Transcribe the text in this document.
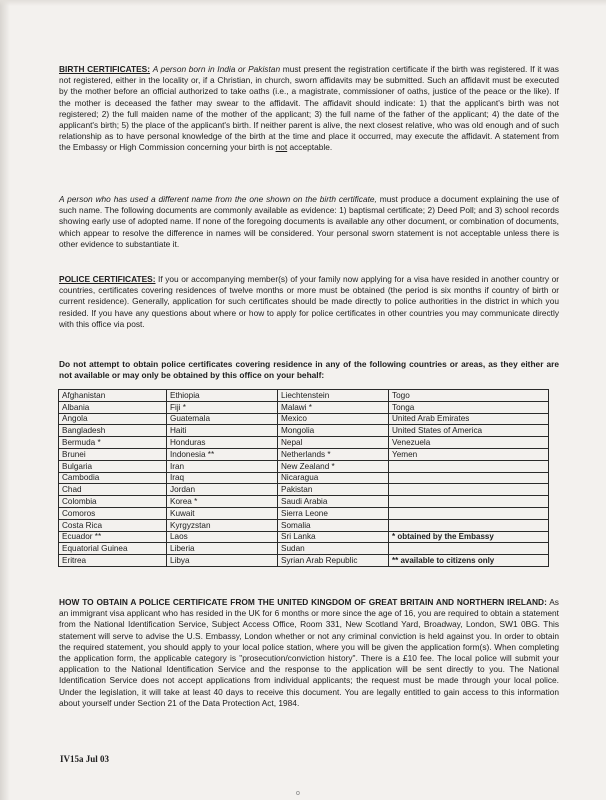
BIRTH CERTIFICATES: A person born in India or Pakistan must present the registration certificate if the birth was registered. If it was not registered, either in the locality or, if a Christian, in church, sworn affidavits may be submitted. Such an affidavit must be executed by the mother before an official authorized to take oaths (i.e., a magistrate, commissioner of oaths, justice of the peace or the like). If the mother is deceased the father may swear to the affidavit. The affidavit should indicate: 1) that the applicant's birth was not registered; 2) the full maiden name of the mother of the applicant; 3) the full name of the father of the applicant; 4) the date of the applicant's birth; 5) the place of the applicant's birth. If neither parent is alive, the next closest relative, who was old enough and of such relationship as to have personal knowledge of the birth at the time and place it occurred, may execute the affidavit. A statement from the Embassy or High Commission concerning your birth is not acceptable.

A person who has used a different name from the one shown on the birth certificate, must produce a document explaining the use of such name. The following documents are commonly available as evidence: 1) baptismal certificate; 2) Deed Poll; and 3) school records showing early use of adopted name. If none of the foregoing documents is available any other document, or combination of documents, which appear to resolve the difference in names will be considered. Your personal sworn statement is not acceptable unless there is other evidence to substantiate it.

POLICE CERTIFICATES: If you or accompanying member(s) of your family now applying for a visa have resided in another country or countries, certificates covering residences of twelve months or more must be obtained (the period is six months if country of birth or current residence). Generally, application for such certificates should be made directly to police authorities in the district in which you resided. If you have any questions about where or how to apply for police certificates in other countries you may communicate directly with this office via post.

Do not attempt to obtain police certificates covering residence in any of the following countries or areas, as they either are not available or may only be obtained by this office on your behalf:

Afghanistan	Ethiopia	Liechtenstein	Togo
Albania	Fiji *	Malawi *	Tonga
Angola	Guatemala	Mexico	United Arab Emirates
Bangladesh	Haiti	Mongolia	United States of America
Bermuda *	Honduras	Nepal	Venezuela
Brunei	Indonesia **	Netherlands *	Yemen
Bulgaria	Iran	New Zealand *	
Cambodia	Iraq	Nicaragua	
Chad	Jordan	Pakistan	
Colombia	Korea *	Saudi Arabia	
Comoros	Kuwait	Sierra Leone	
Costa Rica	Kyrgyzstan	Somalia	
Ecuador **	Laos	Sri Lanka	* obtained by the Embassy
Equatorial Guinea	Liberia	Sudan	
Eritrea	Libya	Syrian Arab Republic	** available to citizens only

HOW TO OBTAIN A POLICE CERTIFICATE FROM THE UNITED KINGDOM OF GREAT BRITAIN AND NORTHERN IRELAND: As an immigrant visa applicant who has resided in the UK for 6 months or more since the age of 16, you are required to obtain a statement from the National Identification Service, Subject Access Office, Room 331, New Scotland Yard, Broadway, London, SW1 0BG. This statement will serve to advise the U.S. Embassy, London whether or not any criminal conviction is held against you. In order to obtain the required statement, you should apply to your local police station, where you will be given the application form(s). When completing the application form, the applicable category is "prosecution/conviction history". There is a £10 fee. The local police will submit your application to the National Identification Service and the response to the application will be sent directly to you. The National Identification Service does not accept applications from individual applicants; the request must be made through your local police. Under the legislation, it will take at least 40 days to receive this document. You are legally entitled to gain access to this information about yourself under Section 21 of the Data Protection Act, 1984.

IV15a Jul 03
o
